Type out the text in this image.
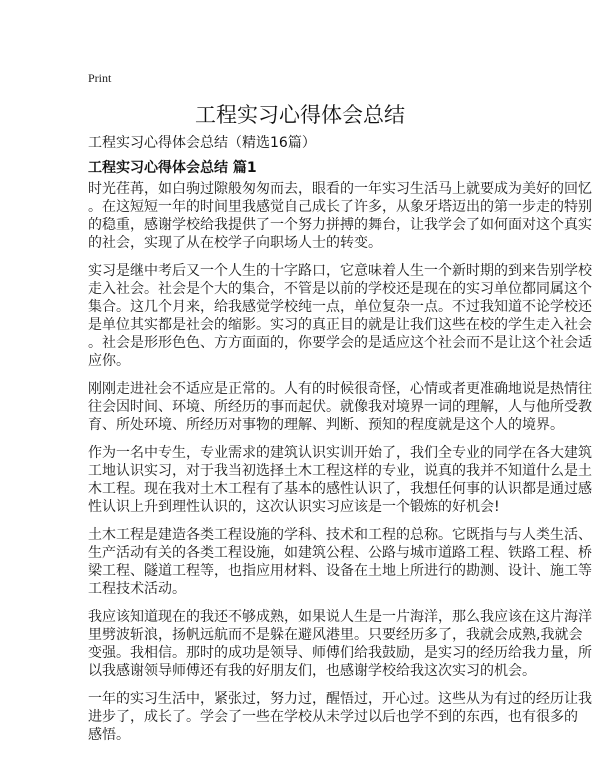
Print
工程实习心得体会总结
工程实习心得体会总结（精选16篇）
工程实习心得体会总结 篇1
时光荏苒，如白驹过隙般匆匆而去，眼看的一年实习生活马上就要成为美好的回忆
。在这短短一年的时间里我感觉自己成长了许多，从象牙塔迈出的第一步走的特别
的稳重，感谢学校给我提供了一个努力拼搏的舞台，让我学会了如何面对这个真实
的社会，实现了从在校学子向职场人士的转变。
实习是继中考后又一个人生的十字路口，它意味着人生一个新时期的到来告别学校
走入社会。社会是个大的集合，不管是以前的学校还是现在的实习单位都同属这个
集合。这几个月来，给我感觉学校纯一点，单位复杂一点。不过我知道不论学校还
是单位其实都是社会的缩影。实习的真正目的就是让我们这些在校的学生走入社会
。社会是形形色色、方方面面的，你要学会的是适应这个社会而不是让这个社会适
应你。
刚刚走进社会不适应是正常的。人有的时候很奇怪，心情或者更准确地说是热情往
往会因时间、环境、所经历的事而起伏。就像我对境界一词的理解，人与他所受教
育、所处环境、所经历对事物的理解、判断、预知的程度就是这个人的境界。
作为一名中专生，专业需求的建筑认识实训开始了，我们全专业的同学在各大建筑
工地认识实习，对于我当初选择土木工程这样的专业，说真的我并不知道什么是土
木工程。现在我对土木工程有了基本的感性认识了，我想任何事的认识都是通过感
性认识上升到理性认识的，这次认识实习应该是一个锻炼的好机会!
土木工程是建造各类工程设施的学科、技术和工程的总称。它既指与与人类生活、
生产活动有关的各类工程设施，如建筑公程、公路与城市道路工程、铁路工程、桥
梁工程、隧道工程等，也指应用材料、设备在土地上所进行的勘测、设计、施工等
工程技术活动。
我应该知道现在的我还不够成熟，如果说人生是一片海洋，那么我应该在这片海洋
里劈波斩浪，扬帆远航而不是躲在避风港里。只要经历多了，我就会成熟,我就会
变强。我相信。那时的成功是领导、师傅们给我鼓励，是实习的经历给我力量，所
以我感谢领导师傅还有我的好朋友们，也感谢学校给我这次实习的机会。
一年的实习生活中，紧张过，努力过，醒悟过，开心过。这些从为有过的经历让我
进步了，成长了。学会了一些在学校从未学过以后也学不到的东西，也有很多的
感悟。
